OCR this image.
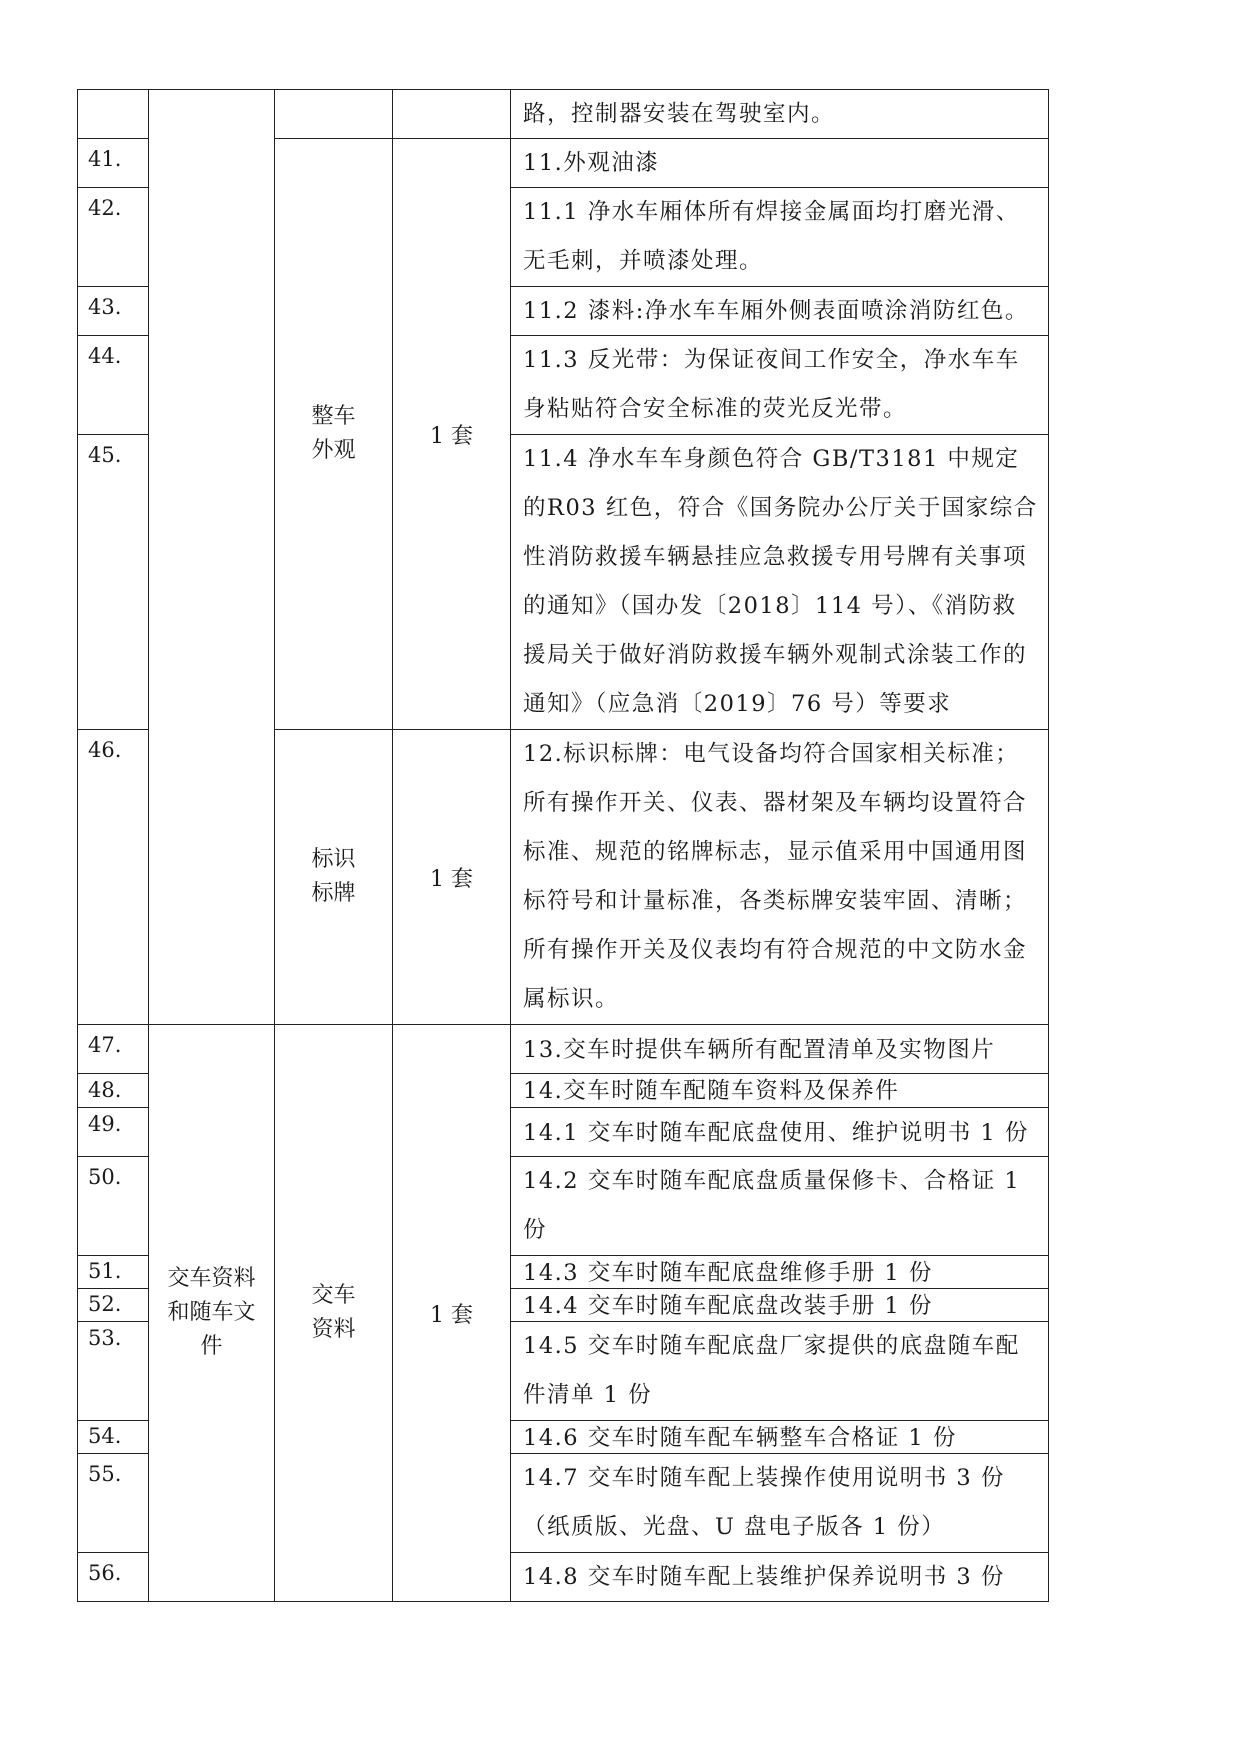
				路，控制器安装在驾驶室内。
41.		整车外观	1 套	11.外观油漆
42.				11.1 净水车厢体所有焊接金属面均打磨光滑、无毛刺，并喷漆处理。
43.				11.2 漆料:净水车车厢外侧表面喷涂消防红色。
44.				11.3 反光带：为保证夜间工作安全，净水车车身粘贴符合安全标准的荧光反光带。
45.				11.4 净水车车身颜色符合 GB/T3181 中规定的R03 红色，符合《国务院办公厅关于国家综合性消防救援车辆悬挂应急救援专用号牌有关事项的通知》（国办发〔2018〕114 号）、《消防救援局关于做好消防救援车辆外观制式涂装工作的通知》（应急消〔2019〕76 号）等要求
46.		标识标牌	1 套	12.标识标牌：电气设备均符合国家相关标准；所有操作开关、仪表、器材架及车辆均设置符合标准、规范的铭牌标志，显示值采用中国通用图标符号和计量标准，各类标牌安装牢固、清晰；所有操作开关及仪表均有符合规范的中文防水金属标识。
47.	交车资料和随车文件	交车资料	1 套	13.交车时提供车辆所有配置清单及实物图片
48.				14.交车时随车配随车资料及保养件
49.				14.1 交车时随车配底盘使用、维护说明书 1 份
50.				14.2 交车时随车配底盘质量保修卡、合格证 1 份
51.				14.3 交车时随车配底盘维修手册 1 份
52.				14.4 交车时随车配底盘改装手册 1 份
53.				14.5 交车时随车配底盘厂家提供的底盘随车配件清单 1 份
54.				14.6 交车时随车配车辆整车合格证 1 份
55.				14.7 交车时随车配上装操作使用说明书 3 份（纸质版、光盘、U 盘电子版各 1 份）
56.				14.8 交车时随车配上装维护保养说明书 3 份
